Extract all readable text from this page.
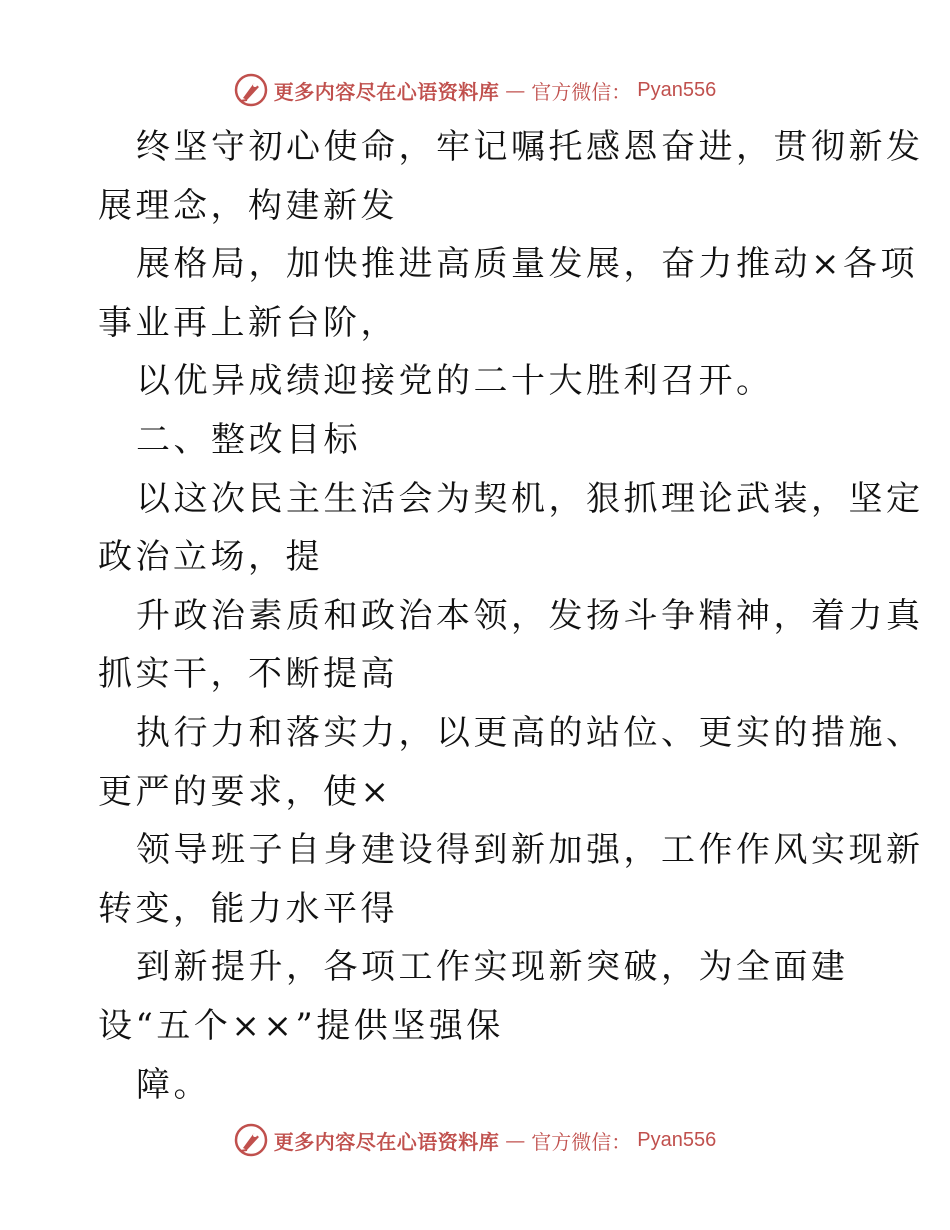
更多内容尽在心语资料库 — 官方微信： Pyan556
终坚守初心使命，牢记嘱托感恩奋进，贯彻新发
展理念，构建新发
展格局，加快推进高质量发展，奋力推动×各项
事业再上新台阶，
以优异成绩迎接党的二十大胜利召开。
二、整改目标
以这次民主生活会为契机，狠抓理论武装，坚定
政治立场，提
升政治素质和政治本领，发扬斗争精神，着力真
抓实干，不断提高
执行力和落实力，以更高的站位、更实的措施、
更严的要求，使×
领导班子自身建设得到新加强，工作作风实现新
转变，能力水平得
到新提升，各项工作实现新突破，为全面建
设“五个××”提供坚强保
障。
更多内容尽在心语资料库 — 官方微信： Pyan556
